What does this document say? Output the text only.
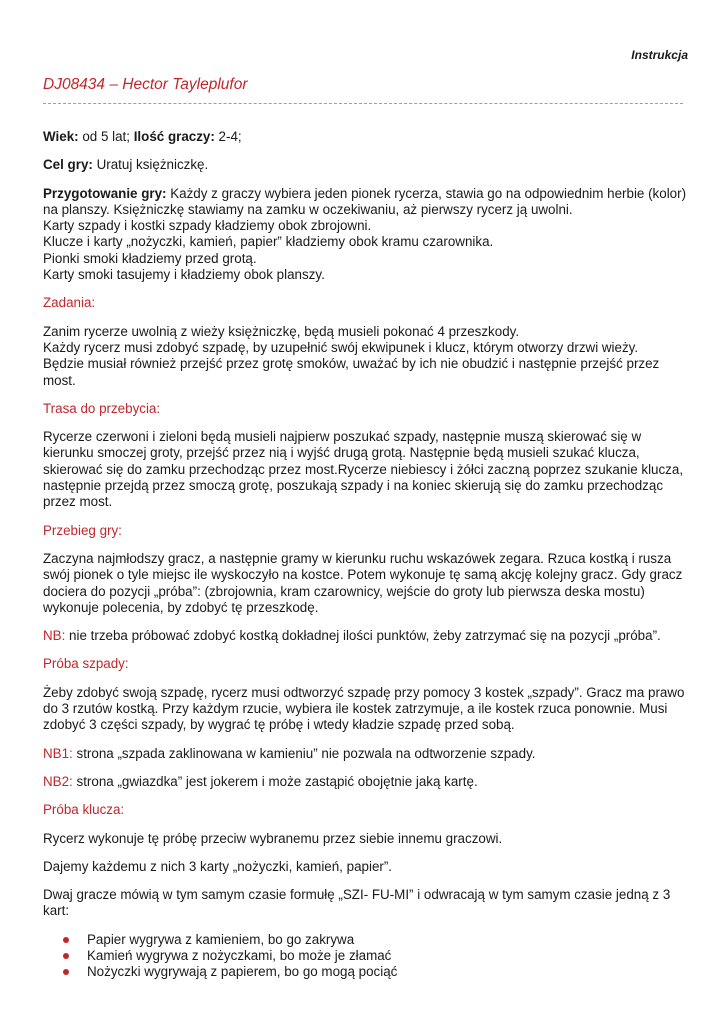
Instrukcja
DJ08434 – Hector Tayleplufor

Wiek: od 5 lat; Ilość graczy: 2-4;

Cel gry: Uratuj księżniczkę.

Przygotowanie gry: Każdy z graczy wybiera jeden pionek rycerza, stawia go na odpowiednim herbie (kolor) na planszy. Księżniczkę stawiamy na zamku w oczekiwaniu, aż pierwszy rycerz ją uwolni.
Karty szpady i kostki szpady kładziemy obok zbrojowni.
Klucze i karty „nożyczki, kamień, papier” kładziemy obok kramu czarownika.
Pionki smoki kładziemy przed grotą.
Karty smoki tasujemy i kładziemy obok planszy.

Zadania:

Zanim rycerze uwolnią z wieży księżniczkę, będą musieli pokonać 4 przeszkody.
Każdy rycerz musi zdobyć szpadę, by uzupełnić swój ekwipunek i klucz, którym otworzy drzwi wieży.
Będzie musiał również przejść przez grotę smoków, uważać by ich nie obudzić i następnie przejść przez most.

Trasa do przebycia:

Rycerze czerwoni i zieloni będą musieli najpierw poszukać szpady, następnie muszą skierować się w kierunku smoczej groty, przejść przez nią i wyjść drugą grotą. Następnie będą musieli szukać klucza, skierować się do zamku przechodząc przez most.Rycerze niebiescy i żółci zaczną poprzez szukanie klucza, następnie przejdą przez smoczą grotę, poszukają szpady i na koniec skierują się do zamku przechodząc przez most.

Przebieg gry:

Zaczyna najmłodszy gracz, a następnie gramy w kierunku ruchu wskazówek zegara. Rzuca kostką i rusza swój pionek o tyle miejsc ile wyskoczyło na kostce. Potem wykonuje tę samą akcję kolejny gracz. Gdy gracz dociera do pozycji „próba”: (zbrojownia, kram czarownicy, wejście do groty lub pierwsza deska mostu) wykonuje polecenia, by zdobyć tę przeszkodę.

NB: nie trzeba próbować zdobyć kostką dokładnej ilości punktów, żeby zatrzymać się na pozycji „próba”.

Próba szpady:

Żeby zdobyć swoją szpadę, rycerz musi odtworzyć szpadę przy pomocy 3 kostek „szpady”. Gracz ma prawo do 3 rzutów kostką. Przy każdym rzucie, wybiera ile kostek zatrzymuje, a ile kostek rzuca ponownie. Musi zdobyć 3 części szpady, by wygrać tę próbę i wtedy kładzie szpadę przed sobą.

NB1: strona „szpada zaklinowana w kamieniu” nie pozwala na odtworzenie szpady.

NB2: strona „gwiazdka” jest jokerem i może zastąpić obojętnie jaką kartę.

Próba klucza:

Rycerz wykonuje tę próbę przeciw wybranemu przez siebie innemu graczowi.

Dajemy każdemu z nich 3 karty „nożyczki, kamień, papier”.

Dwaj gracze mówią w tym samym czasie formułę „SZI- FU-MI” i odwracają w tym samym czasie jedną z 3 kart:

Papier wygrywa z kamieniem, bo go zakrywa
Kamień wygrywa z nożyczkami, bo może je złamać
Nożyczki wygrywają z papierem, bo go mogą pociąć
